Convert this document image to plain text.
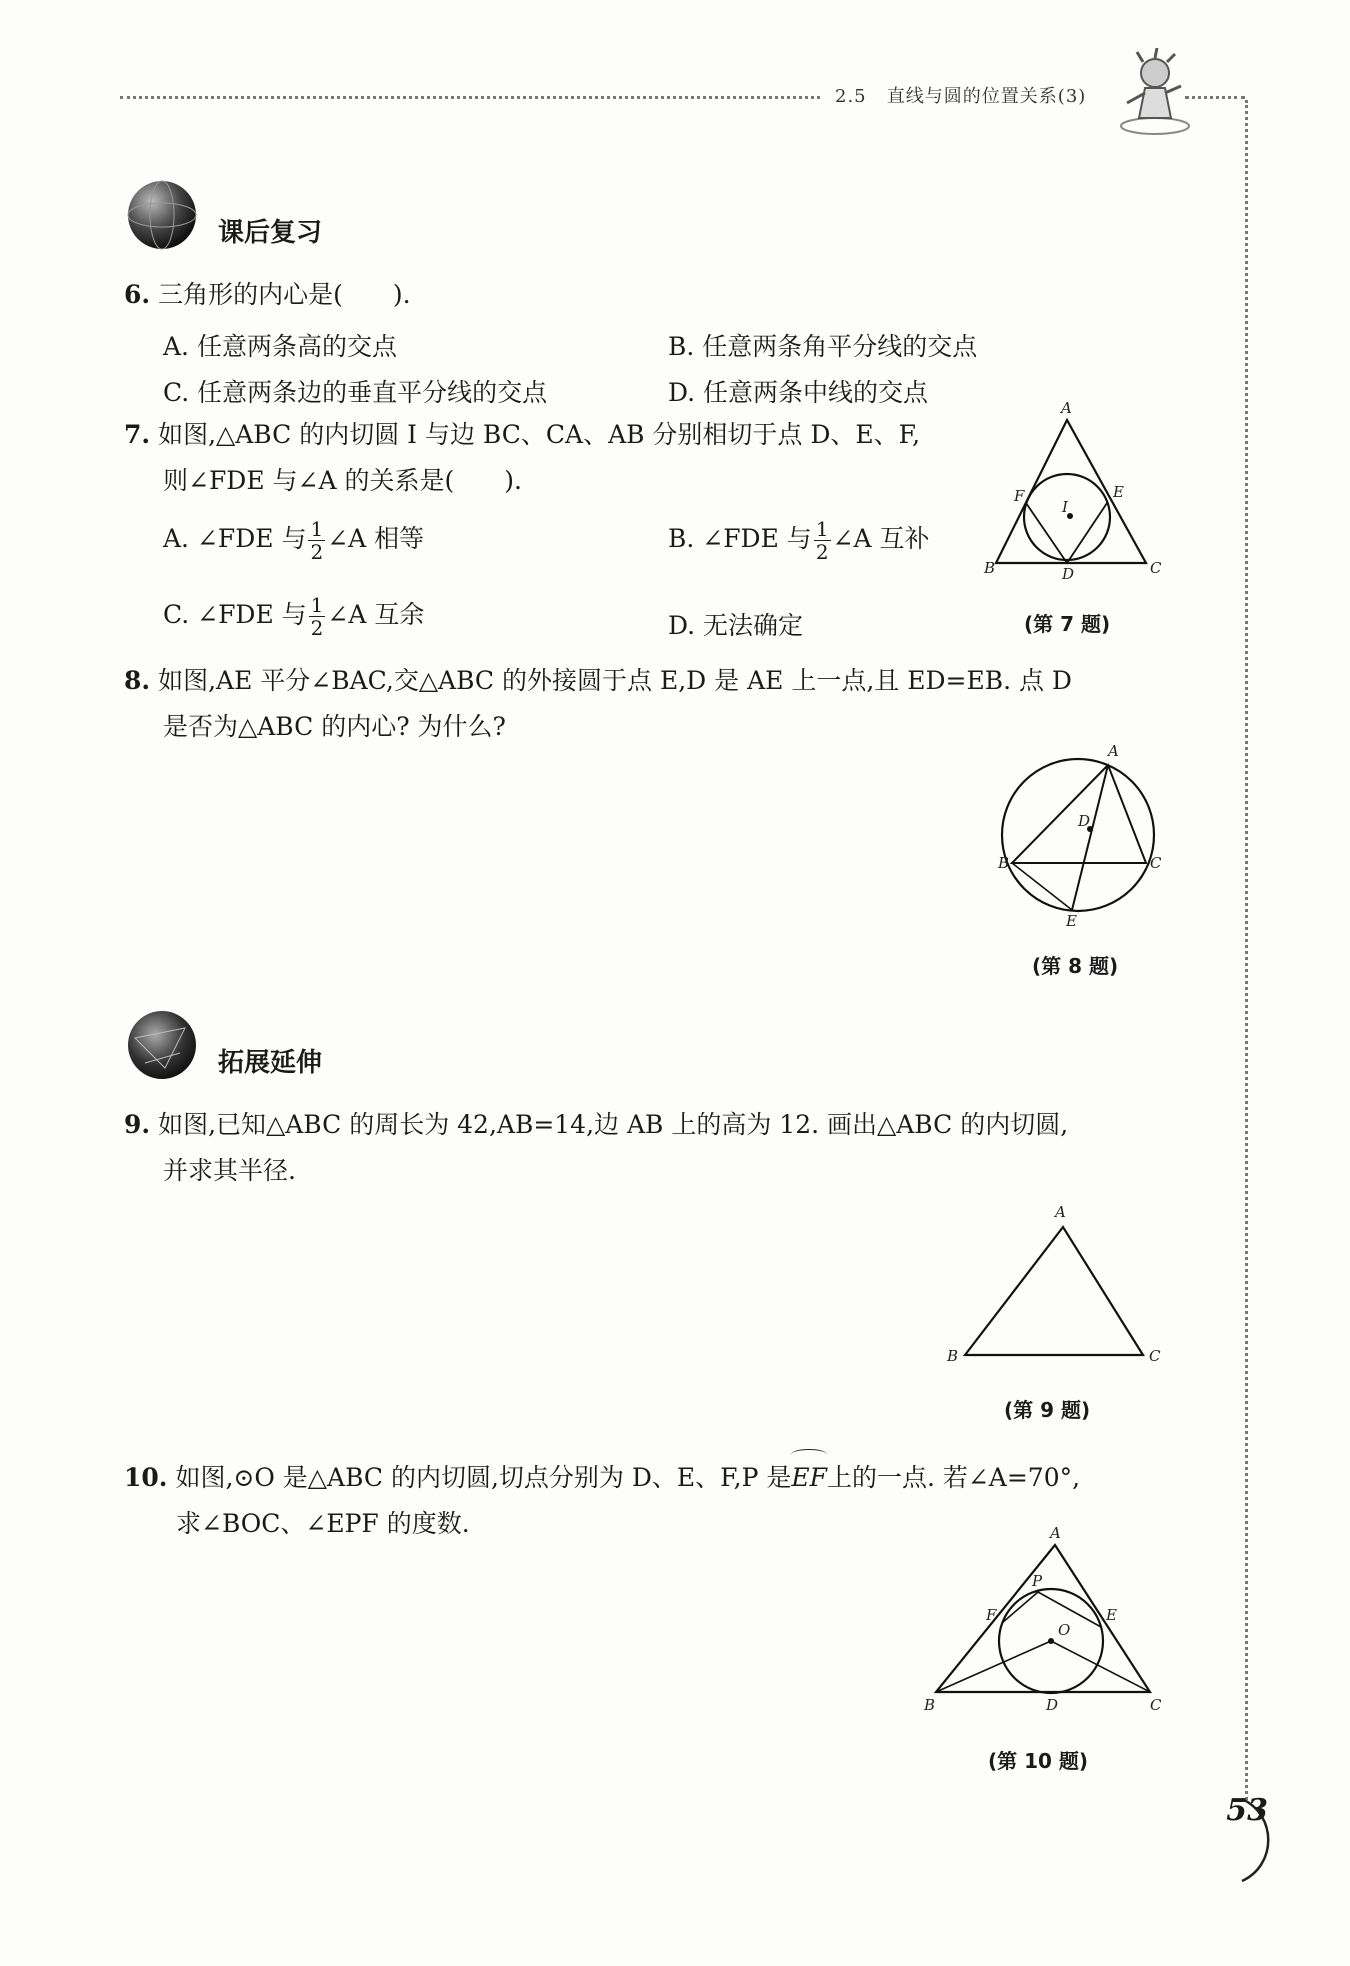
2.5 直线与圆的位置关系(3)
课后复习
6. 三角形的内心是(　　).
A. 任意两条高的交点	B. 任意两条角平分线的交点
C. 任意两条边的垂直平分线的交点	D. 任意两条中线的交点
7. 如图,△ABC 的内切圆 I 与边 BC、CA、AB 分别相切于点 D、E、F,
则∠FDE 与∠A 的关系是(　　).
A. ∠FDE 与 $\frac{1}{2}$ ∠A 相等	B. ∠FDE 与 $\frac{1}{2}$ ∠A 互补
C. ∠FDE 与 $\frac{1}{2}$ ∠A 互余	D. 无法确定
A
B	C
D
E
F
I
(第 7 题)
8. 如图,AE 平分∠BAC,交△ABC 的外接圆于点 E,D 是 AE 上一点,且 ED=EB. 点 D
是否为△ABC 的内心? 为什么?
A
B	C
D
E
(第 8 题)
拓展延伸
9. 如图,已知△ABC 的周长为 42,AB=14,边 AB 上的高为 12. 画出△ABC 的内切圆,
并求其半径.
A
B	C
(第 9 题)
10. 如图,⊙O 是△ABC 的内切圆,切点分别为 D、E、F,P 是EF上的一点. 若∠A=70°,
求∠BOC、∠EPF 的度数.	A
B	C
D
E
F
O
P
(第 10 题)
53
